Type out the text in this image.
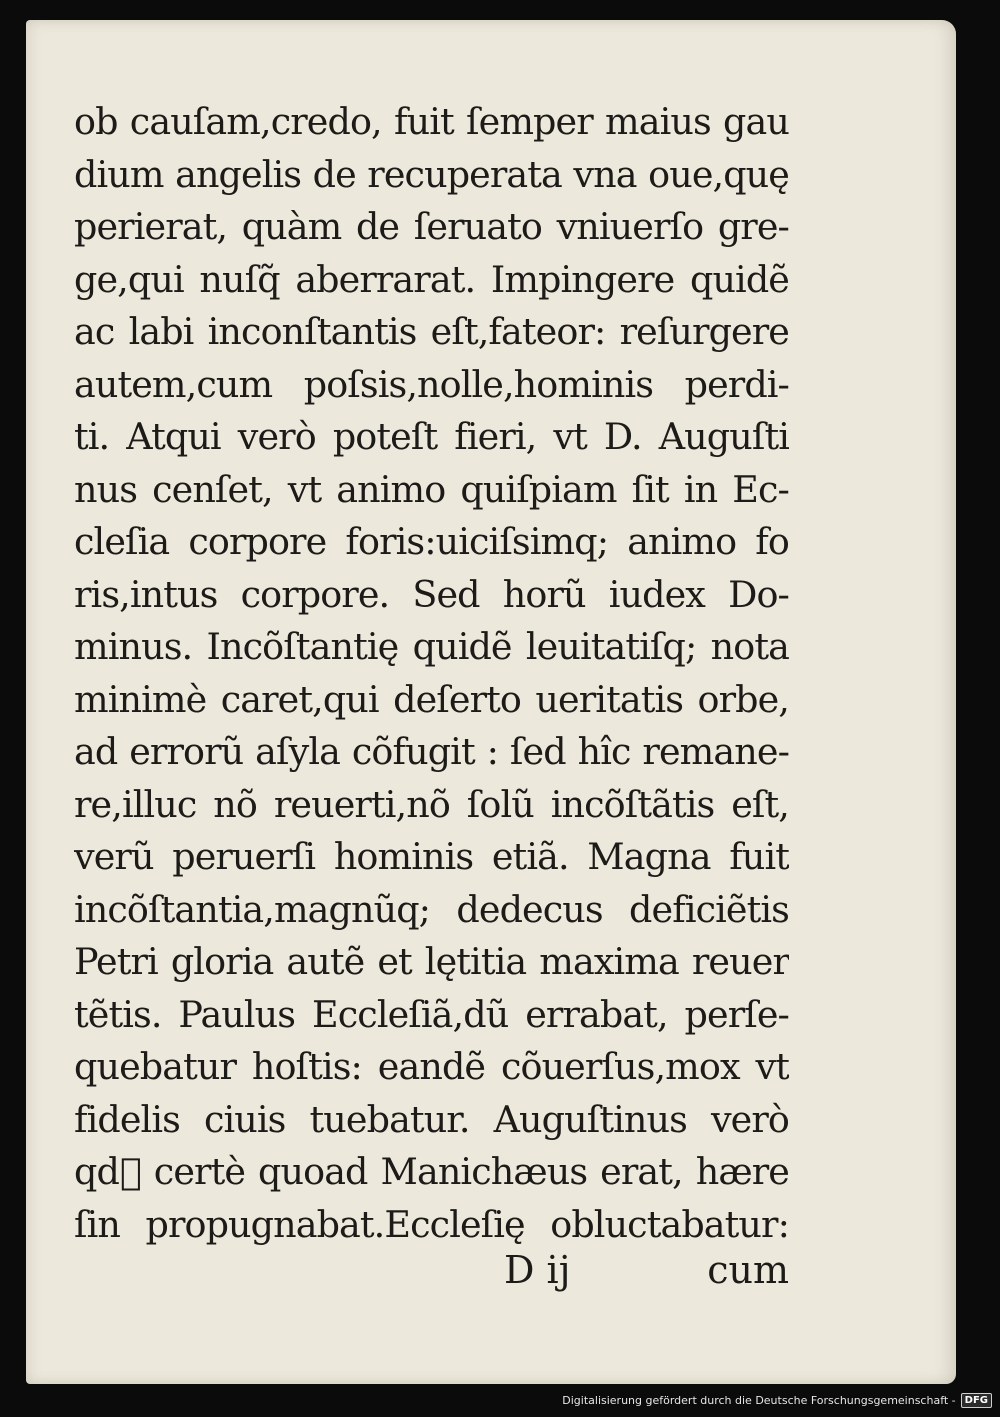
ob cauſam,credo, fuit ſemper maius gau
dium angelis de recuperata vna oue,quę
perierat, quàm de ſeruato vniuerſo gre-
ge,qui nuſq̃ aberrarat. Impingere quidẽ
ac labi inconſtantis eſt,fateor: reſurgere
autem,cum poſsis,nolle,hominis perdi-
ti. Atqui verò poteſt fieri, vt D. Auguſti
nus cenſet, vt animo quiſpiam ſit in Ec-
cleſia corpore foris:uiciſsimq; animo fo
ris,intus corpore. Sed horũ iudex Do-
minus. Incõſtantię quidẽ leuitatiſq; nota
minimè caret,qui deſerto ueritatis orbe,
ad errorũ aſyla cõfugit : ſed hîc remane-
re,illuc nõ reuerti,nõ ſolũ incõſtãtis eſt,
verũ peruerſi hominis etiã. Magna fuit
incõſtantia,magnũq; dedecus deficiẽtis
Petri gloria autẽ et lętitia maxima reuer
tẽtis. Paulus Eccleſiã,dũ errabat, perſe-
quebatur hoſtis: eandẽ cõuerſus,mox vt
fidelis ciuis tuebatur. Auguſtinus verò
qd᷑ certè quoad Manichæus erat, hære
ſin propugnabat.Eccleſię obluctabatur:
D ij	cum
Digitalisierung gefördert durch die Deutsche Forschungsgemeinschaft - DFG
